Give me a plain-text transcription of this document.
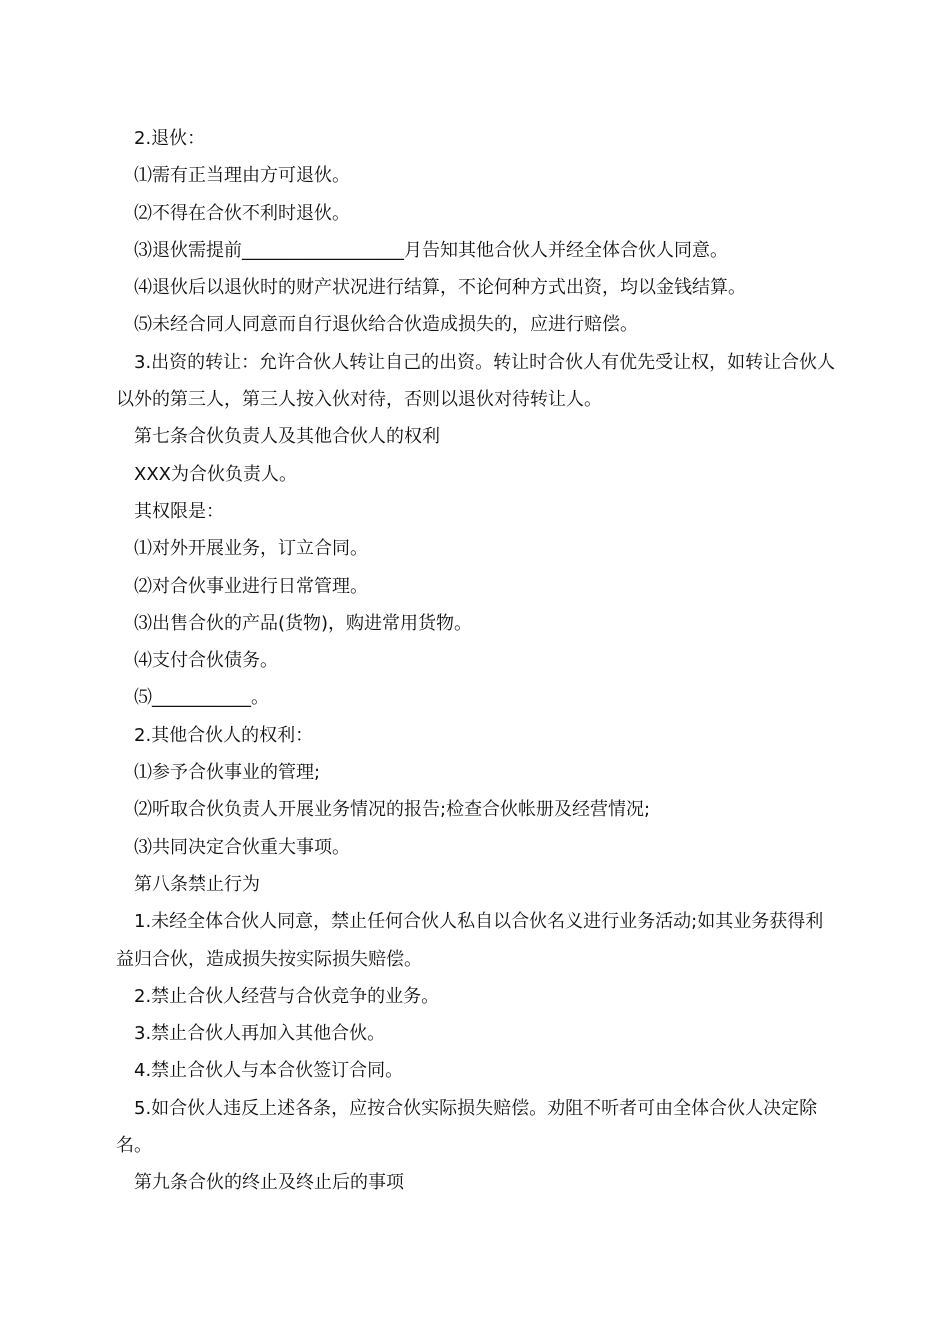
2.退伙：

⑴需有正当理由方可退伙。

⑵不得在合伙不利时退伙。

⑶退伙需提前__________________月告知其他合伙人并经全体合伙人同意。

⑷退伙后以退伙时的财产状况进行结算，不论何种方式出资，均以金钱结算。

⑸未经合同人同意而自行退伙给合伙造成损失的，应进行赔偿。

3.出资的转让：允许合伙人转让自己的出资。转让时合伙人有优先受让权，如转让合伙人以外的第三人，第三人按入伙对待，否则以退伙对待转让人。

第七条合伙负责人及其他合伙人的权利

XXX为合伙负责人。

其权限是：

⑴对外开展业务，订立合同。

⑵对合伙事业进行日常管理。

⑶出售合伙的产品(货物)，购进常用货物。

⑷支付合伙债务。

⑸___________。

2.其他合伙人的权利：

⑴参予合伙事业的管理;

⑵听取合伙负责人开展业务情况的报告;检查合伙帐册及经营情况;

⑶共同决定合伙重大事项。

第八条禁止行为

1.未经全体合伙人同意，禁止任何合伙人私自以合伙名义进行业务活动;如其业务获得利益归合伙，造成损失按实际损失赔偿。

2.禁止合伙人经营与合伙竞争的业务。

3.禁止合伙人再加入其他合伙。

4.禁止合伙人与本合伙签订合同。

5.如合伙人违反上述各条，应按合伙实际损失赔偿。劝阻不听者可由全体合伙人决定除名。

第九条合伙的终止及终止后的事项
